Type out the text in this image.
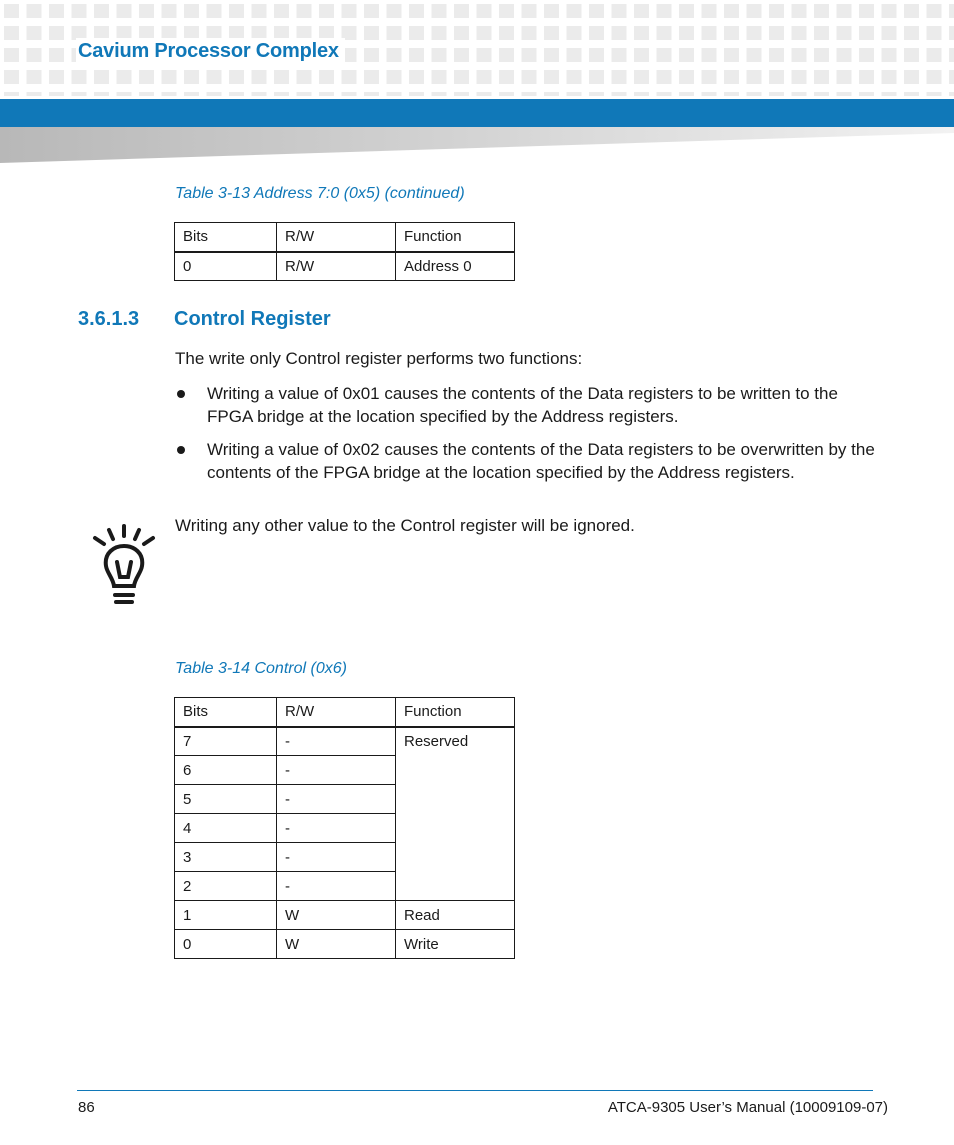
Cavium Processor Complex
Table 3-13 Address 7:0 (0x5) (continued)
Bits	R/W	Function
0	R/W	Address 0
3.6.1.3 Control Register
The write only Control register performs two functions:
Writing a value of 0x01 causes the contents of the Data registers to be written to the FPGA bridge at the location specified by the Address registers.
Writing a value of 0x02 causes the contents of the Data registers to be overwritten by the contents of the FPGA bridge at the location specified by the Address registers.
Writing any other value to the Control register will be ignored.
Table 3-14 Control (0x6)
Bits	R/W	Function
7	-	Reserved
6	-	
5	-	
4	-	
3	-	
2	-	
1	W	Read
0	W	Write
86	ATCA-9305 User’s Manual (10009109-07)
